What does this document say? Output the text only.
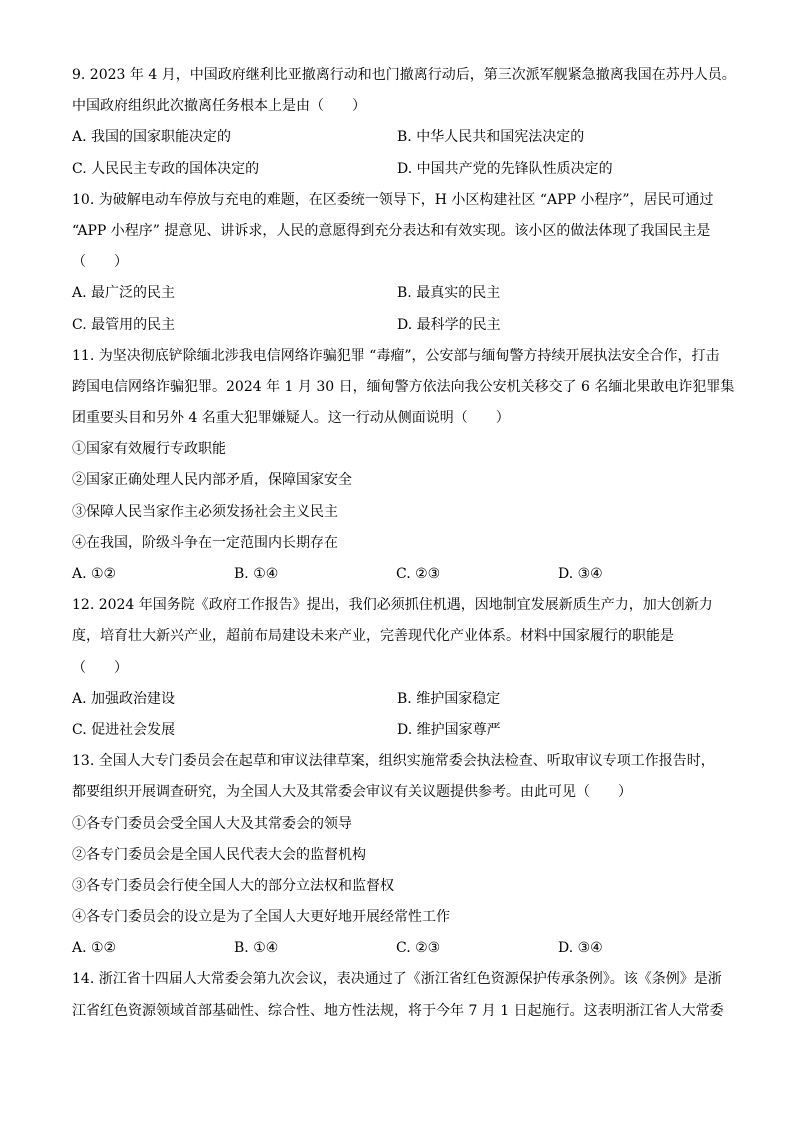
9. 2023 年 4 月，中国政府继利比亚撤离行动和也门撤离行动后，第三次派军舰紧急撤离我国在苏丹人员。
中国政府组织此次撤离任务根本上是由（　　）
A. 我国的国家职能决定的	B. 中华人民共和国宪法决定的
C. 人民民主专政的国体决定的	D. 中国共产党的先锋队性质决定的
10. 为破解电动车停放与充电的难题，在区委统一领导下，H 小区构建社区 “APP 小程序”，居民可通过
“APP 小程序” 提意见、讲诉求，人民的意愿得到充分表达和有效实现。该小区的做法体现了我国民主是
（　　）
A. 最广泛的民主	B. 最真实的民主
C. 最管用的民主	D. 最科学的民主
11. 为坚决彻底铲除缅北涉我电信网络诈骗犯罪 “毒瘤”，公安部与缅甸警方持续开展执法安全合作，打击
跨国电信网络诈骗犯罪。2024 年 1 月 30 日，缅甸警方依法向我公安机关移交了 6 名缅北果敢电诈犯罪集
团重要头目和另外 4 名重大犯罪嫌疑人。这一行动从侧面说明（　　）
①国家有效履行专政职能
②国家正确处理人民内部矛盾，保障国家安全
③保障人民当家作主必须发扬社会主义民主
④在我国，阶级斗争在一定范围内长期存在
A. ①②	B. ①④	C. ②③	D. ③④
12. 2024 年国务院《政府工作报告》提出，我们必须抓住机遇，因地制宜发展新质生产力，加大创新力
度，培育壮大新兴产业，超前布局建设未来产业，完善现代化产业体系。材料中国家履行的职能是
（　　）
A. 加强政治建设	B. 维护国家稳定
C. 促进社会发展	D. 维护国家尊严
13. 全国人大专门委员会在起草和审议法律草案，组织实施常委会执法检查、听取审议专项工作报告时，
都要组织开展调查研究，为全国人大及其常委会审议有关议题提供参考。由此可见（　　）
①各专门委员会受全国人大及其常委会的领导
②各专门委员会是全国人民代表大会的监督机构
③各专门委员会行使全国人大的部分立法权和监督权
④各专门委员会的设立是为了全国人大更好地开展经常性工作
A. ①②	B. ①④	C. ②③	D. ③④
14. 浙江省十四届人大常委会第九次会议，表决通过了《浙江省红色资源保护传承条例》。该《条例》是浙
江省红色资源领域首部基础性、综合性、地方性法规，将于今年 7 月 1 日起施行。这表明浙江省人大常委
